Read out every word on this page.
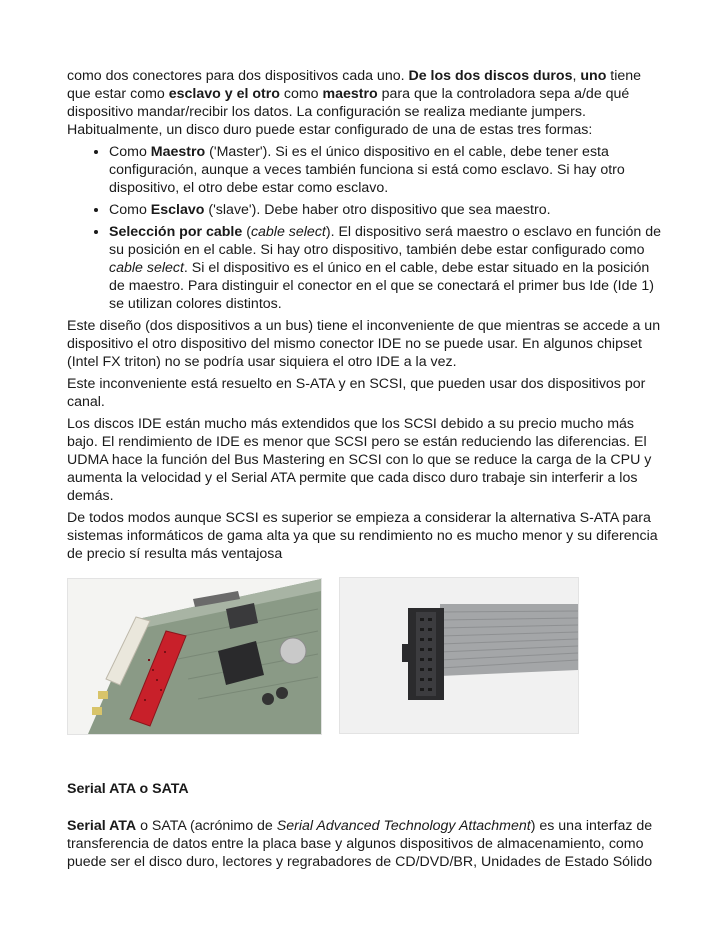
como dos conectores para dos dispositivos cada uno. De los dos discos duros, uno tiene que estar como esclavo y el otro como maestro para que la controladora sepa a/de qué dispositivo mandar/recibir los datos. La configuración se realiza mediante jumpers. Habitualmente, un disco duro puede estar configurado de una de estas tres formas:

• Como Maestro ('Master'). Si es el único dispositivo en el cable, debe tener esta configuración, aunque a veces también funciona si está como esclavo. Si hay otro dispositivo, el otro debe estar como esclavo.
• Como Esclavo ('slave'). Debe haber otro dispositivo que sea maestro.
• Selección por cable (cable select). El dispositivo será maestro o esclavo en función de su posición en el cable. Si hay otro dispositivo, también debe estar configurado como cable select. Si el dispositivo es el único en el cable, debe estar situado en la posición de maestro. Para distinguir el conector en el que se conectará el primer bus Ide (Ide 1) se utilizan colores distintos.

Este diseño (dos dispositivos a un bus) tiene el inconveniente de que mientras se accede a un dispositivo el otro dispositivo del mismo conector IDE no se puede usar. En algunos chipset (Intel FX triton) no se podría usar siquiera el otro IDE a la vez.

Este inconveniente está resuelto en S-ATA y en SCSI, que pueden usar dos dispositivos por canal.

Los discos IDE están mucho más extendidos que los SCSI debido a su precio mucho más bajo. El rendimiento de IDE es menor que SCSI pero se están reduciendo las diferencias. El UDMA hace la función del Bus Mastering en SCSI con lo que se reduce la carga de la CPU y aumenta la velocidad y el Serial ATA permite que cada disco duro trabaje sin interferir a los demás.

De todos modos aunque SCSI es superior se empieza a considerar la alternativa S-ATA para sistemas informáticos de gama alta ya que su rendimiento no es mucho menor y su diferencia de precio sí resulta más ventajosa

Serial ATA o SATA
Serial ATA o SATA (acrónimo de Serial Advanced Technology Attachment) es una interfaz de transferencia de datos entre la placa base y algunos dispositivos de almacenamiento, como puede ser el disco duro, lectores y regrabadores de CD/DVD/BR, Unidades de Estado Sólido
